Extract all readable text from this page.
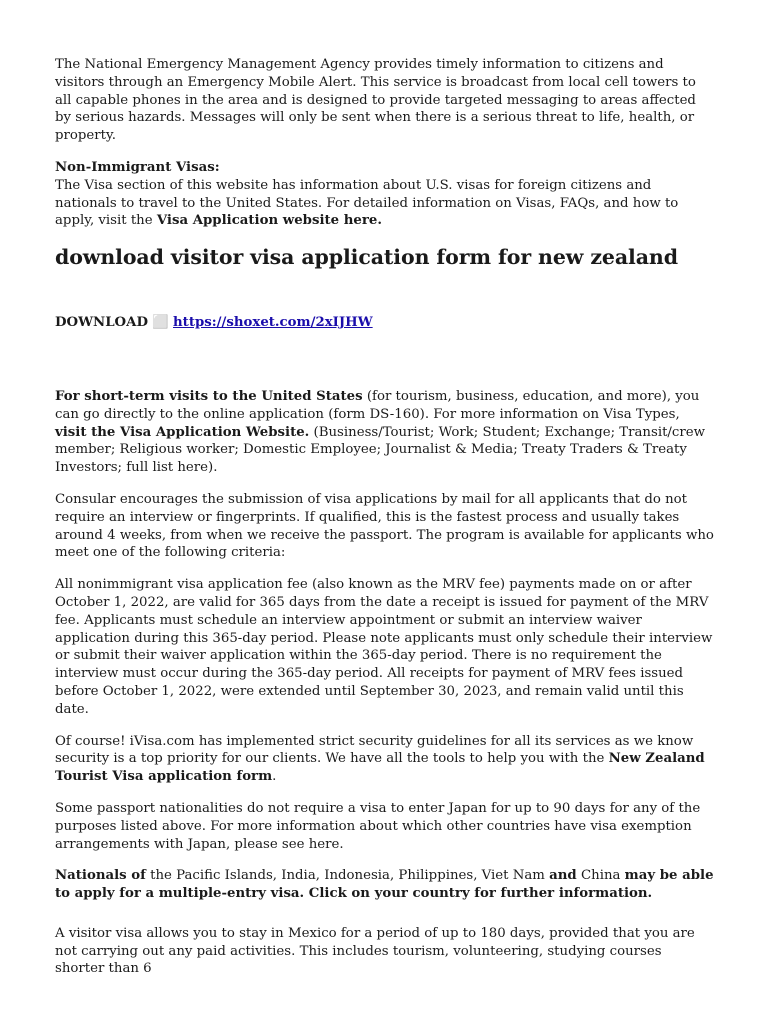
The National Emergency Management Agency provides timely information to citizens and visitors through an Emergency Mobile Alert. This service is broadcast from local cell towers to all capable phones in the area and is designed to provide targeted messaging to areas affected by serious hazards. Messages will only be sent when there is a serious threat to life, health, or property.

Non-Immigrant Visas:
The Visa section of this website has information about U.S. visas for foreign citizens and nationals to travel to the United States. For detailed information on Visas, FAQs, and how to apply, visit the Visa Application website here.

download visitor visa application form for new zealand

DOWNLOAD ⬜ https://shoxet.com/2xIJHW

For short-term visits to the United States (for tourism, business, education, and more), you can go directly to the online application (form DS-160). For more information on Visa Types, visit the Visa Application Website. (Business/Tourist; Work; Student; Exchange; Transit/crew member; Religious worker; Domestic Employee; Journalist & Media; Treaty Traders & Treaty Investors; full list here).

Consular encourages the submission of visa applications by mail for all applicants that do not require an interview or fingerprints. If qualified, this is the fastest process and usually takes around 4 weeks, from when we receive the passport. The program is available for applicants who meet one of the following criteria:

All nonimmigrant visa application fee (also known as the MRV fee) payments made on or after October 1, 2022, are valid for 365 days from the date a receipt is issued for payment of the MRV fee. Applicants must schedule an interview appointment or submit an interview waiver application during this 365-day period. Please note applicants must only schedule their interview or submit their waiver application within the 365-day period. There is no requirement the interview must occur during the 365-day period. All receipts for payment of MRV fees issued before October 1, 2022, were extended until September 30, 2023, and remain valid until this date.

Of course! iVisa.com has implemented strict security guidelines for all its services as we know security is a top priority for our clients. We have all the tools to help you with the New Zealand Tourist Visa application form.

Some passport nationalities do not require a visa to enter Japan for up to 90 days for any of the purposes listed above. For more information about which other countries have visa exemption arrangements with Japan, please see here.

Nationals of the Pacific Islands, India, Indonesia, Philippines, Viet Nam and China may be able to apply for a multiple-entry visa. Click on your country for further information.

A visitor visa allows you to stay in Mexico for a period of up to 180 days, provided that you are not carrying out any paid activities. This includes tourism, volunteering, studying courses shorter than 6
